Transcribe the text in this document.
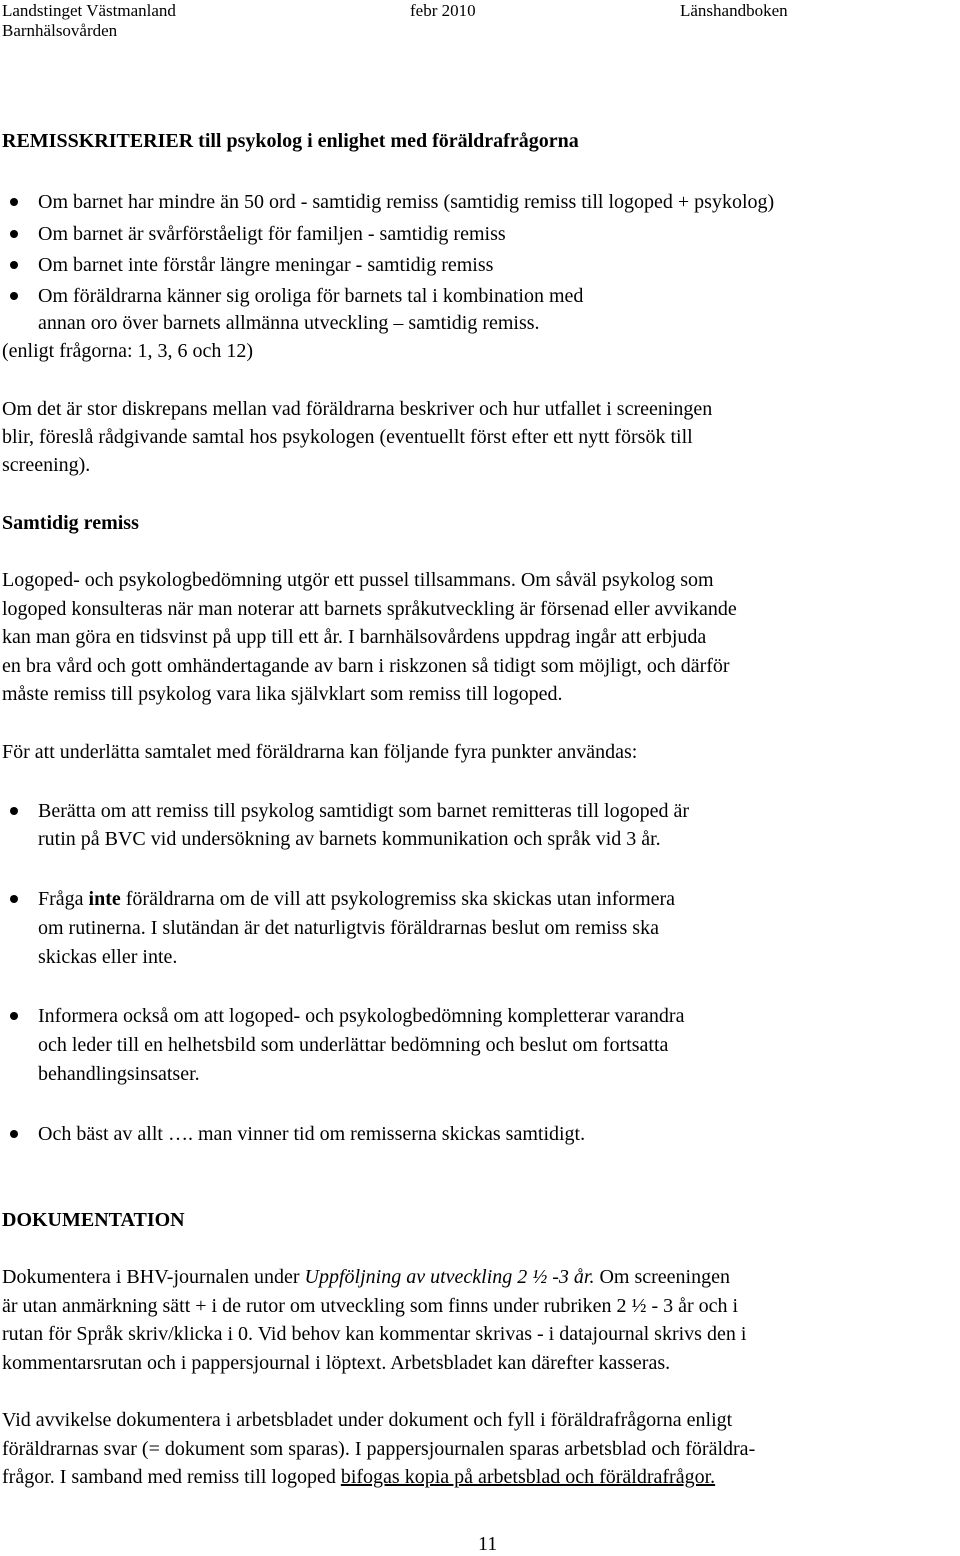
Landstinget Västmanland	febr 2010	Länshandboken
Barnhälsovården
REMISSKRITERIER till psykolog i enlighet med föräldrafrågorna
Om barnet har mindre än 50 ord - samtidig remiss (samtidig remiss till logoped + psykolog)
Om barnet är svårförståeligt för familjen - samtidig remiss
Om barnet inte förstår längre meningar - samtidig remiss
Om föräldrarna känner sig oroliga för barnets tal i kombination med
annan oro över barnets allmänna utveckling – samtidig remiss.
(enligt frågorna: 1, 3, 6 och 12)
Om det är stor diskrepans mellan vad föräldrarna beskriver och hur utfallet i screeningen
blir, föreslå rådgivande samtal hos psykologen (eventuellt först efter ett nytt försök till
screening).
Samtidig remiss
Logoped- och psykologbedömning utgör ett pussel tillsammans. Om såväl psykolog som
logoped konsulteras när man noterar att barnets språkutveckling är försenad eller avvikande
kan man göra en tidsvinst på upp till ett år. I barnhälsovårdens uppdrag ingår att erbjuda
en bra vård och gott omhändertagande av barn i riskzonen så tidigt som möjligt, och därför
måste remiss till psykolog vara lika självklart som remiss till logoped.
För att underlätta samtalet med föräldrarna kan följande fyra punkter användas:
Berätta om att remiss till psykolog samtidigt som barnet remitteras till logoped är
rutin på BVC vid undersökning av barnets kommunikation och språk vid 3 år.
Fråga inte föräldrarna om de vill att psykologremiss ska skickas utan informera
om rutinerna. I slutändan är det naturligtvis föräldrarnas beslut om remiss ska
skickas eller inte.
Informera också om att logoped- och psykologbedömning kompletterar varandra
och leder till en helhetsbild som underlättar bedömning och beslut om fortsatta
behandlingsinsatser.
Och bäst av allt …. man vinner tid om remisserna skickas samtidigt.
DOKUMENTATION
Dokumentera i BHV-journalen under Uppföljning av utveckling 2 ½ -3 år. Om screeningen
är utan anmärkning sätt + i de rutor om utveckling som finns under rubriken 2 ½ - 3 år och i
rutan för Språk skriv/klicka i 0. Vid behov kan kommentar skrivas - i datajournal skrivs den i
kommentarsrutan och i pappersjournal i löptext. Arbetsbladet kan därefter kasseras.
Vid avvikelse dokumentera i arbetsbladet under dokument och fyll i föräldrafrågorna enligt
föräldrarnas svar (= dokument som sparas). I pappersjournalen sparas arbetsblad och föräldra-
frågor. I samband med remiss till logoped bifogas kopia på arbetsblad och föräldrafrågor.
11
